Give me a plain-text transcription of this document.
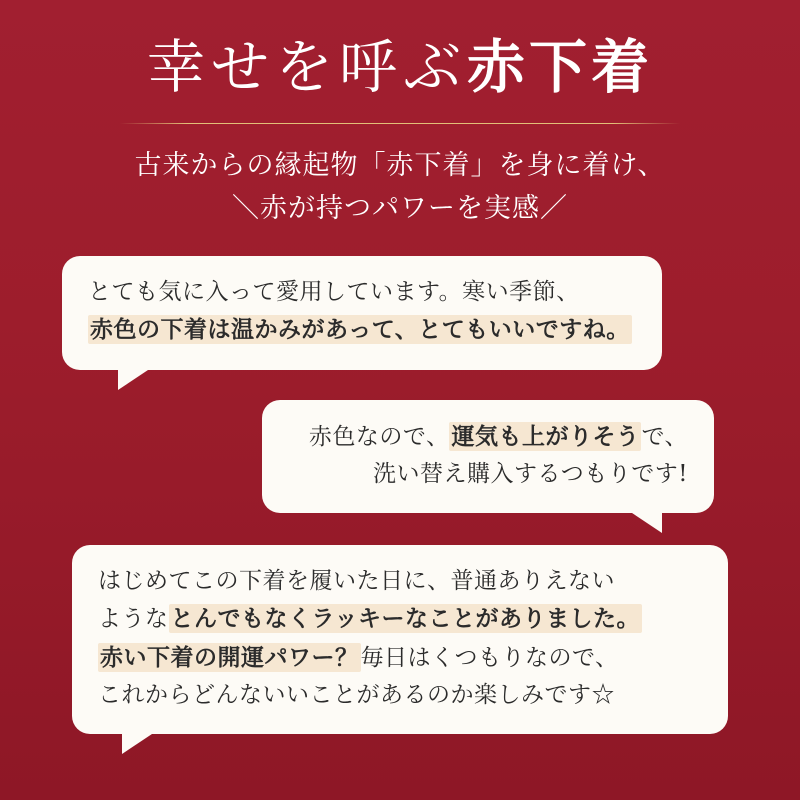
幸せを呼ぶ赤下着
古来からの縁起物「赤下着」を身に着け、
＼赤が持つパワーを実感／

とても気に入って愛用しています。寒い季節、

赤色の下着は温かみがあって、とてもいいですね。

赤色なので、運気も上がりそうで、

洗い替え購入するつもりです!

はじめてこの下着を履いた日に、普通ありえない

ようなとんでもなくラッキーなことがありました。

赤い下着の開運パワー？毎日はくつもりなので、

これからどんないいことがあるのか楽しみです☆
